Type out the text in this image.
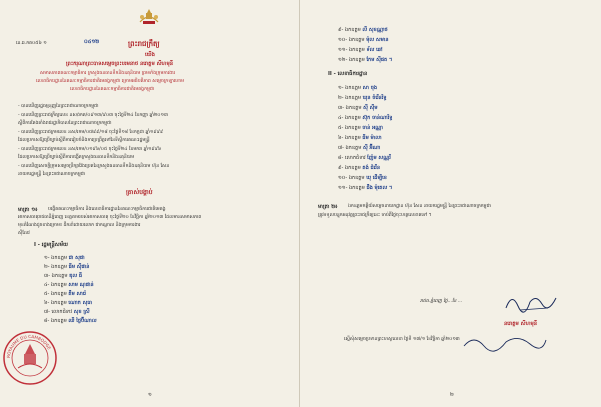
នេ.ររ.កត០៥៦ ១	០៤១២	ព្រះរាជក្រឹត្យ
យើង
ព្រះករុណាព្រះបាទសម្តេចព្រះបរមនាថ នរោត្តម សីហមុនី
សមាសភាពគណៈកម្មាធិការ ក្រសួងធនធានទឹកនិងឧតុនិយម ព្រមទាំងក្រុមការងារ
លេខាធិការដ្ឋាននៃគណៈកម្មាធិការជាតិមេគង្គកម្ពុជា ក្រោមអធិបតីភាព សម្តេចក្រឡាហោម
លេខាធិការដ្ឋាននៃគណៈកម្មាធិការជាតិមេគង្គកម្ពុជា
- បានឃើញរដ្ឋធម្មនុញ្ញនៃព្រះរាជាណាចក្រកម្ពុជា
- បានឃើញព្រះរាជក្រឹត្យលេខ នស/រកត/០៩១៣/៩០៣ ចុះថ្ងៃទី២៤ ខែកញ្ញា ឆ្នាំ២០១៣
ស្តីពីការតែងតាំងរាជរដ្ឋាភិបាលនៃព្រះរាជាណាចក្រកម្ពុជា
- បានឃើញព្រះរាជក្រមលេខ នស/រកម/០៧៩៩/១៨ ចុះថ្ងៃទី១៨ ខែកក្កដា ឆ្នាំ១៩៩៩
ដែលប្រកាសឱ្យប្រើច្បាប់ស្តីពីការរៀបចំនិងការប្រព្រឹត្តទៅនៃទីស្តីការគណៈរដ្ឋមន្ត្រី
- បានឃើញព្រះរាជក្រមលេខ នស/រកម/០១៩៦/០៥ ចុះថ្ងៃទី២៤ ខែមករា ឆ្នាំ១៩៩៦
ដែលប្រកាសឱ្យប្រើច្បាប់ស្តីពីការបង្កើតក្រសួងធនធានទឹកនិងឧតុនិយម
- បានឃើញសេចក្តីក្រុមសម្តេចប្រឹក្សាវែងប្រេតនៃក្រសួងធនធានទឹកនិងឧតុនិយម ហ៊ុន សែន
នាយករដ្ឋមន្ត្រី នៃព្រះរាជាណាចក្រកម្ពុជា
ត្រាស់បង្គាប់
មាត្រា ១៖ បង្កើតគណៈកម្មាធិការ និងលេខាធិការដ្ឋាននៃគណៈកម្មាធិការជាតិមេគង្គ
អាកាសធាតុរាជធានីភ្នំពេញ ខេត្តតាមរបស់អាកាសធាតុ ចុះថ្ងៃទី២០ ខែវិច្ឆិកា ឆ្នាំ២០១៣ ដែលមានសមាសភាព
មុខតំណែងដូចខាងក្រោម៖ ដឹកនាំដោយលោក ជាកណ្តាល និងក្រុមការងារ
ស៊ីលែវ
I - រដ្ឋមន្ត្រីសម័យ
១- ឯកឧត្តម ជា សុផា
២- ឯកឧត្តម ធីម ស៊ីផាន់
៣- ឯកឧត្តម ឌុល ធី
៤- ឯកឧត្តម សាម ណុផាន់
៥- ឯកឧត្តម គឹម សារ៉េ
៦- ឯកឧត្តម ណោក សុធា
៧- លោកជំទាវ សុខ ស្រី
៨- ឯកឧត្តម ឈី ថ្លៃប៊ីណាល
ROYAUME DU CAMBODGE
១
៩- ឯកឧត្តម លី សុខណ្ណាថ
១០- ឯកឧត្តម ម៉ុល សមាន
១១- ឯកឧត្តម ទ័ល ឆៅ
១២- ឯកឧត្តម កែម ស៊ីផត ។
II - លេខាធិការដ្ឋាន
១- ឯកឧត្តម សា ចុង
២- ឯកឧត្តម ឃុន ចំរើនរិទ្ធ
៣- ឯកឧត្តម ស៊ី ស៊ីម
៤- ឯកឧត្តម ស៊ុក ចាន់ណារិទ្ធ
៥- ឯកឧត្តម ចាន់ អណ្ណា
៦- ឯកឧត្តម ធីម ម៉ាលា
៧- ឯកឧត្តម ស៊ី អ៊ីណា
៨- លោកជំទាវ ញ៉ែម សណ្ណរី
៩- ឯកឧត្តម គង់ ជំរើន
១០- ឯកឧត្តម ឃុ ដើម្បីខេ
១១- ឯកឧត្តម ជឹង ម៉ុតេល ។
មាត្រា ២៖ ឯកឧត្តមកត្តីយ៍សម្ដេចនាយកដ្ឋាន ហ៊ុន សែន នាយករដ្ឋមន្ត្រី នៃព្រះរាជាណាចក្រកម្ពុជា
ត្រូវទទួលបន្ទុកអនុវត្តព្រះរាជក្រឹត្យនេះ ចាប់ពីថ្ងៃចុះហត្ថលេខាតទៅ ។
រាជធ.ភ្នំពេញ ថ្ងៃ...ខែ ...
នរោត្តម សីហមុនី
ស្នើសុំសម្តេចប្រទានព្រះហស្ថលេខា ថ្ងៃទី ១៧/១ ខែវិច្ឆិកា ឆ្នាំ២០១៣
២
